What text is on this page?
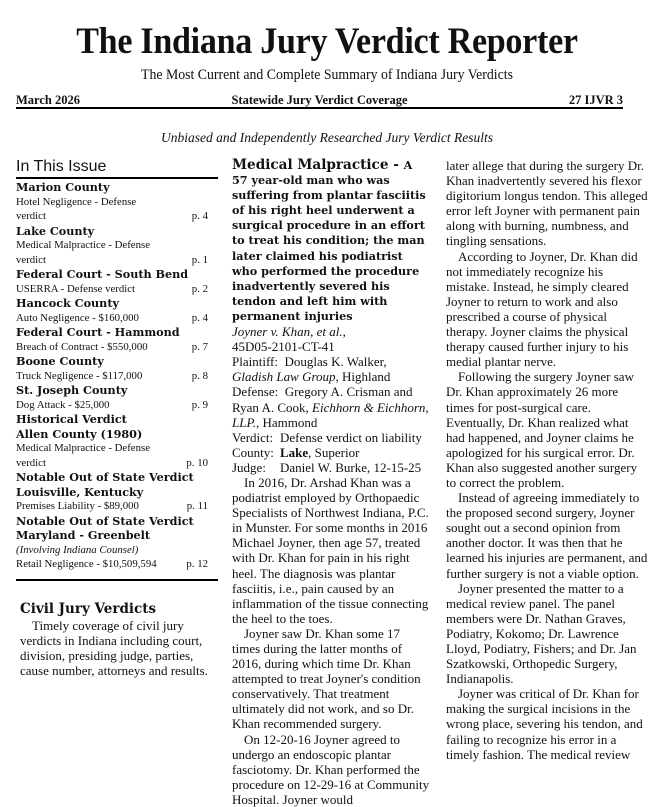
The Indiana Jury Verdict Reporter
The Most Current and Complete Summary of Indiana Jury Verdicts
March 2026	Statewide Jury Verdict Coverage	27 IJVR 3
Unbiased and Independently Researched Jury Verdict Results
In This Issue
Marion County
Hotel Negligence - Defense
verdict	p. 4
Lake County
Medical Malpractice - Defense
verdict	p. 1
Federal Court - South Bend
USERRA - Defense verdict	p. 2
Hancock County
Auto Negligence - $160,000	p. 4
Federal Court - Hammond
Breach of Contract - $550,000	p. 7
Boone County
Truck Negligence - $117,000	p. 8
St. Joseph County
Dog Attack - $25,000	p. 9
Historical Verdict
Allen County (1980)
Medical Malpractice - Defense
verdict	p. 10
Notable Out of State Verdict
Louisville, Kentucky
Premises Liability - $89,000	p. 11
Notable Out of State Verdict
Maryland - Greenbelt
(Involving Indiana Counsel)
Retail Negligence - $10,509,594	p. 12
Civil Jury Verdicts

Timely coverage of civil jury verdicts in Indiana including court, division, presiding judge, parties, cause number, attorneys and results.

Medical Malpractice - A 57 year-old man who was suffering from plantar fasciitis of his right heel underwent a surgical procedure in an effort to treat his condition; the man later claimed his podiatrist who performed the procedure inadvertently severed his tendon and left him with permanent injuries
Joyner v. Khan, et al.,
45D05-2101-CT-41
Plaintiff: Douglas K. Walker, Gladish Law Group, Highland
Defense: Gregory A. Crisman and Ryan A. Cook, Eichhorn & Eichhorn, LLP., Hammond
Verdict: Defense verdict on liability
County: Lake, Superior
Judge: Daniel W. Burke, 12-15-25

In 2016, Dr. Arshad Khan was a podiatrist employed by Orthopaedic Specialists of Northwest Indiana, P.C. in Munster. For some months in 2016 Michael Joyner, then age 57, treated with Dr. Khan for pain in his right heel. The diagnosis was plantar fasciitis, i.e., pain caused by an inflammation of the tissue connecting the heel to the toes.

Joyner saw Dr. Khan some 17 times during the latter months of 2016, during which time Dr. Khan attempted to treat Joyner's condition conservatively. That treatment ultimately did not work, and so Dr. Khan recommended surgery.

On 12-20-16 Joyner agreed to undergo an endoscopic plantar fasciotomy. Dr. Khan performed the procedure on 12-29-16 at Community Hospital. Joyner would

later allege that during the surgery Dr. Khan inadvertently severed his flexor digitorium longus tendon. This alleged error left Joyner with permanent pain along with burning, numbness, and tingling sensations.

According to Joyner, Dr. Khan did not immediately recognize his mistake. Instead, he simply cleared Joyner to return to work and also prescribed a course of physical therapy. Joyner claims the physical therapy caused further injury to his medial plantar nerve.

Following the surgery Joyner saw Dr. Khan approximately 26 more times for post-surgical care. Eventually, Dr. Khan realized what had happened, and Joyner claims he apologized for his surgical error. Dr. Khan also suggested another surgery to correct the problem.

Instead of agreeing immediately to the proposed second surgery, Joyner sought out a second opinion from another doctor. It was then that he learned his injuries are permanent, and further surgery is not a viable option.

Joyner presented the matter to a medical review panel. The panel members were Dr. Nathan Graves, Podiatry, Kokomo; Dr. Lawrence Lloyd, Podiatry, Fishers; and Dr. Jan Szatkowski, Orthopedic Surgery, Indianapolis.

Joyner was critical of Dr. Khan for making the surgical incisions in the wrong place, severing his tendon, and failing to recognize his error in a timely fashion. The medical review
